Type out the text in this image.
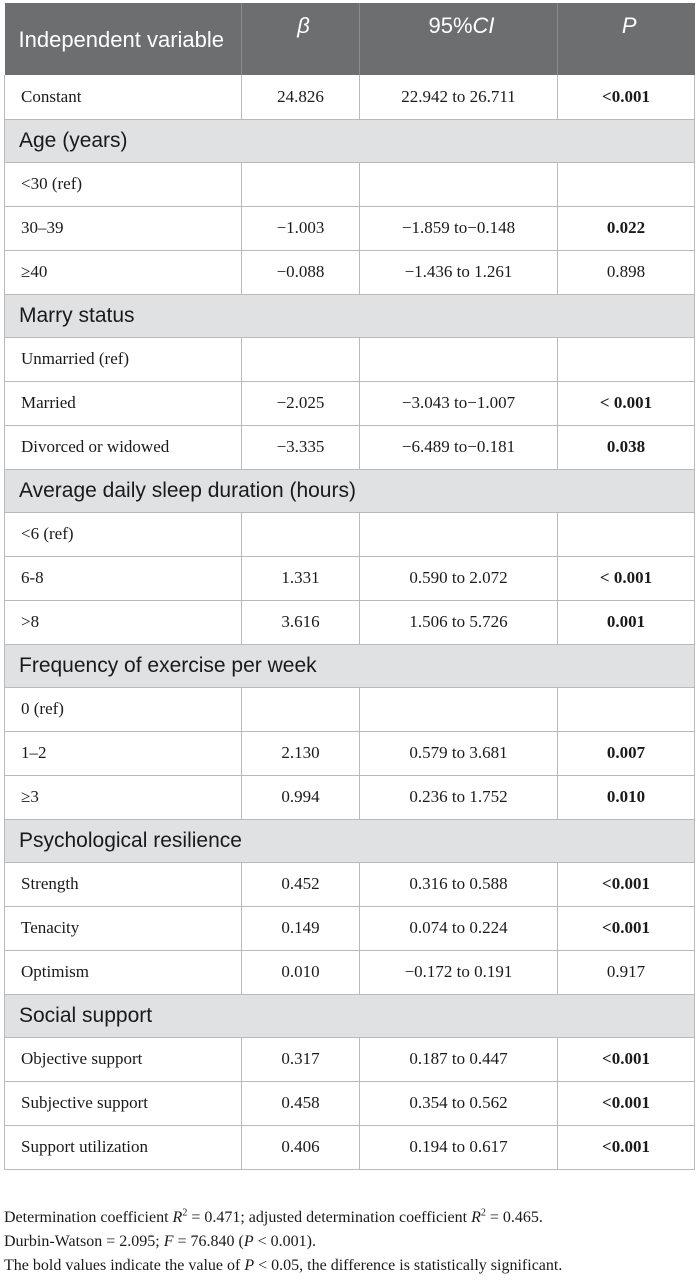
Independent variable	β	95%CI	P
Constant	24.826	22.942 to 26.711	<0.001
Age (years)			
<30 (ref)			
30–39	−1.003	−1.859 to−0.148	0.022
≥40	−0.088	−1.436 to 1.261	0.898
Marry status			
Unmarried (ref)			
Married	−2.025	−3.043 to−1.007	< 0.001
Divorced or widowed	−3.335	−6.489 to−0.181	0.038
Average daily sleep duration (hours)			
<6 (ref)			
6-8	1.331	0.590 to 2.072	< 0.001
>8	3.616	1.506 to 5.726	0.001
Frequency of exercise per week			
0 (ref)			
1–2	2.130	0.579 to 3.681	0.007
≥3	0.994	0.236 to 1.752	0.010
Psychological resilience			
Strength	0.452	0.316 to 0.588	<0.001
Tenacity	0.149	0.074 to 0.224	<0.001
Optimism	0.010	−0.172 to 0.191	0.917
Social support			
Objective support	0.317	0.187 to 0.447	<0.001
Subjective support	0.458	0.354 to 0.562	<0.001
Support utilization	0.406	0.194 to 0.617	<0.001
Determination coefficient $R^2 = 0.471$; adjusted determination coefficient $R^2 = 0.465$.
Durbin-Watson = 2.095; F = 76.840 (P < 0.001).
The bold values indicate the value of P < 0.05, the difference is statistically significant.
